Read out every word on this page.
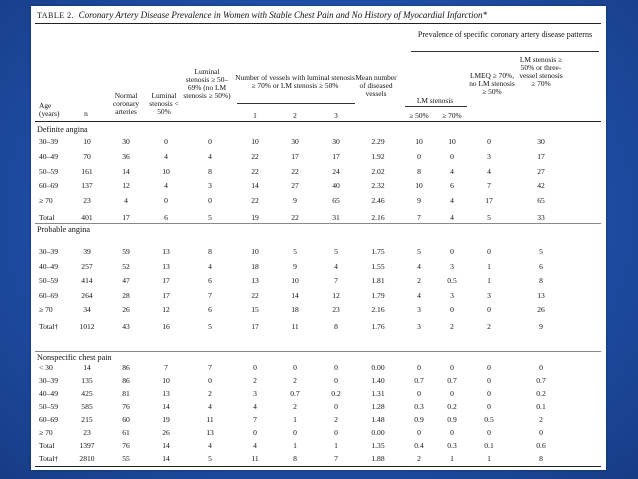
TABLE 2. Coronary Artery Disease Prevalence in Women with Stable Chest Pain and No History of Myocardial Infarction*
Prevalence of specific coronary artery disease patterns
Age (years)	n
Normal coronary arteries
Luminal stenosis < 50%
Luminal stenosis ≥ 50–69% (no LM stenosis ≥ 50%)
Number of vessels with luminal stenosis ≥ 70% or LM stenosis ≥ 50%
1	2	3
Mean number of diseased vessels
LM stenosis
≥ 50%	≥ 70%
LMEQ ≥ 70%, no LM stenosis ≥ 50%
LM stenosis ≥ 50% or three-vessel stenosis ≥ 70%
Definite angina
30–39	10	30	0	0	10	30	30	2.29	10	10	0	30
40–49	70	36	4	4	22	17	17	1.92	0	0	3	17
50–59	161	14	10	8	22	22	24	2.02	8	4	4	27
60–69	137	12	4	3	14	27	40	2.32	10	6	7	42
≥ 70	23	4	0	0	22	9	65	2.46	9	4	17	65
Total	401	17	6	5	19	22	31	2.16	7	4	5	33
Probable angina
30–39	39	59	13	8	10	5	5	1.75	5	0	0	5
40–49	257	52	13	4	18	9	4	1.55	4	3	1	6
50–59	414	47	17	6	13	10	7	1.81	2	0.5	1	8
60–69	264	28	17	7	22	14	12	1.79	4	3	3	13
≥ 70	34	26	12	6	15	18	23	2.16	3	0	0	26
Total†	1012	43	16	5	17	11	8	1.76	3	2	2	9
Nonspecific chest pain
< 30	14	86	7	7	0	0	0	0.00	0	0	0	0
30–39	135	86	10	0	2	2	0	1.40	0.7	0.7	0	0.7
40–49	425	81	13	2	3	0.7	0.2	1.31	0	0	0	0.2
50–59	585	76	14	4	4	2	0	1.28	0.3	0.2	0	0.1
60–69	215	60	19	11	7	1	2	1.48	0.9	0.9	0.5	2
≥ 70	23	61	26	13	0	0	0	0.00	0	0	0	0
Total	1397	76	14	4	4	1	1	1.35	0.4	0.3	0.1	0.6
Total†	2810	55	14	5	11	8	7	1.88	2	1	1	8
